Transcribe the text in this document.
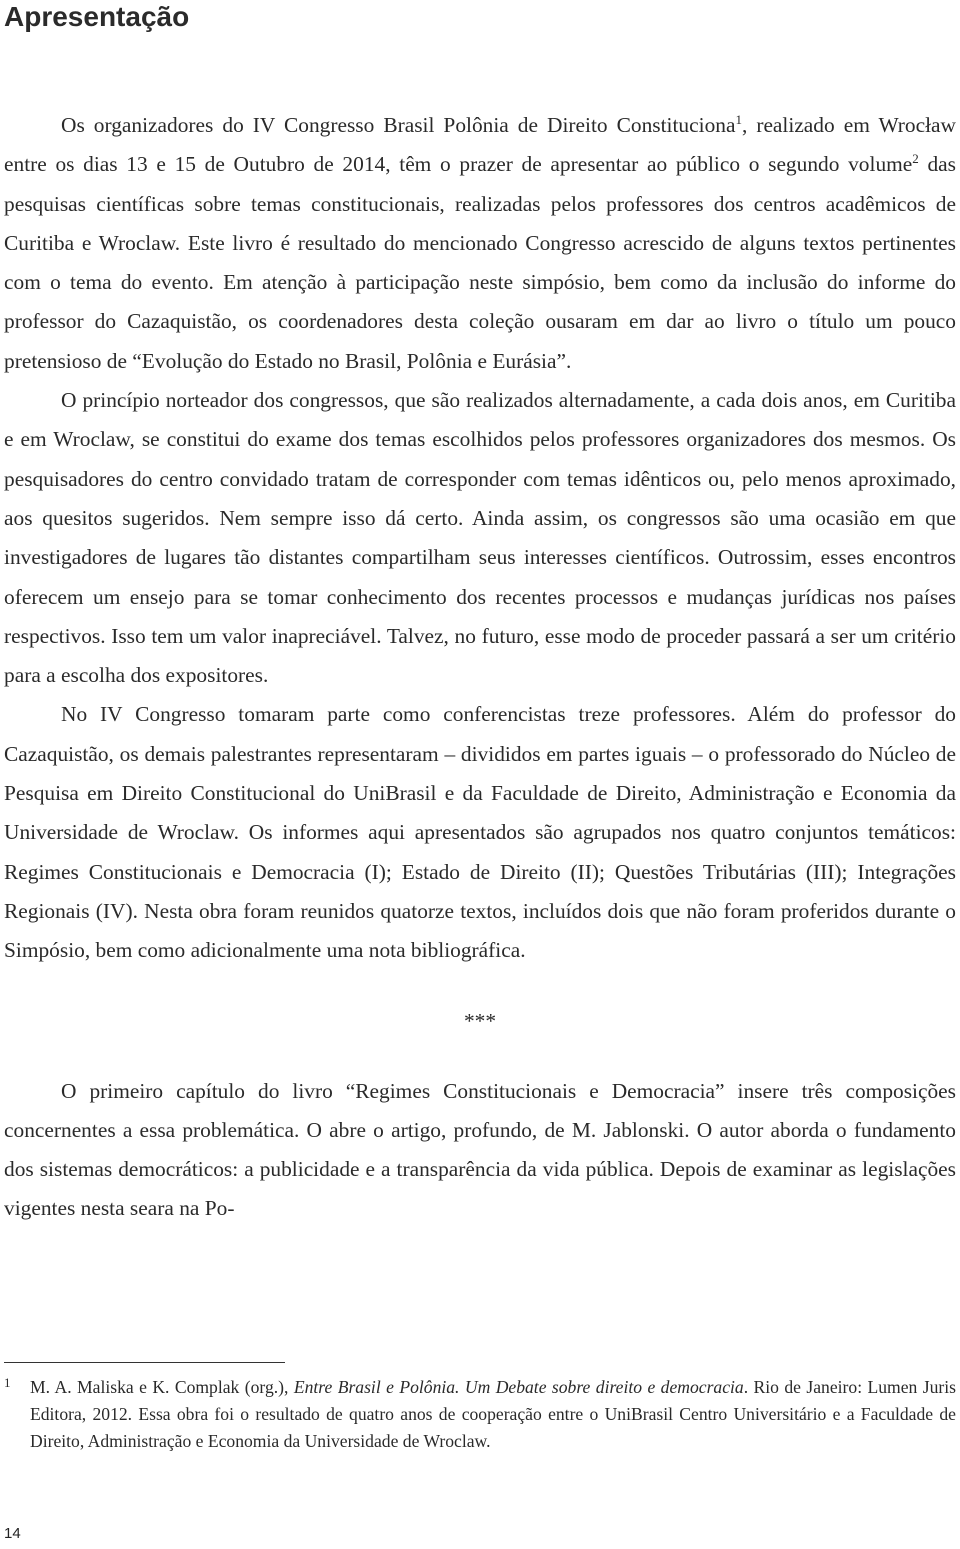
Apresentação

Os organizadores do IV Congresso Brasil Polônia de Direito Constituciona$^1$, realizado em Wrocław entre os dias 13 e 15 de Outubro de 2014, têm o prazer de apresentar ao público o segundo volume$^2$ das pesquisas científicas sobre temas constitucionais, realizadas pelos professores dos centros acadêmicos de Curitiba e Wroclaw. Este livro é resultado do mencionado Congresso acrescido de alguns textos pertinentes com o tema do evento. Em atenção à participação neste simpósio, bem como da inclusão do informe do professor do Cazaquistão, os coordenadores desta coleção ousaram em dar ao livro o título um pouco pretensioso de “Evolução do Estado no Brasil, Polônia e Eurásia”.

O princípio norteador dos congressos, que são realizados alternadamente, a cada dois anos, em Curitiba e em Wroclaw, se constitui do exame dos temas escolhidos pelos professores organizadores dos mesmos. Os pesquisadores do centro convidado tratam de corresponder com temas idênticos ou, pelo menos aproximado, aos quesitos sugeridos. Nem sempre isso dá certo. Ainda assim, os congressos são uma ocasião em que investigadores de lugares tão distantes compartilham seus interesses científicos. Outrossim, esses encontros oferecem um ensejo para se tomar conhecimento dos recentes processos e mudanças jurídicas nos países respectivos. Isso tem um valor inapreciável. Talvez, no futuro, esse modo de proceder passará a ser um critério para a escolha dos expositores.

No IV Congresso tomaram parte como conferencistas treze professores. Além do professor do Cazaquistão, os demais palestrantes representaram – divididos em partes iguais – o professorado do Núcleo de Pesquisa em Direito Constitucional do UniBrasil e da Faculdade de Direito, Administração e Economia da Universidade de Wroclaw. Os informes aqui apresentados são agrupados nos quatro conjuntos temáticos: Regimes Constitucionais e Democracia (I); Estado de Direito (II); Questões Tributárias (III); Integrações Regionais (IV). Nesta obra foram reunidos quatorze textos, incluídos dois que não foram proferidos durante o Simpósio, bem como adicionalmente uma nota bibliográfica.

***

O primeiro capítulo do livro “Regimes Constitucionais e Democracia” insere três composições concernentes a essa problemática. O abre o artigo, profundo, de M. Jablonski. O autor aborda o fundamento dos sistemas democráticos: a publicidade e a transparência da vida pública. Depois de examinar as legislações vigentes nesta seara na Po-

1 M. A. Maliska e K. Complak (org.), Entre Brasil e Polônia. Um Debate sobre direito e democracia. Rio de Janeiro: Lumen Juris Editora, 2012. Essa obra foi o resultado de quatro anos de cooperação entre o UniBrasil Centro Universitário e a Faculdade de Direito, Administração e Economia da Universidade de Wroclaw.
14
